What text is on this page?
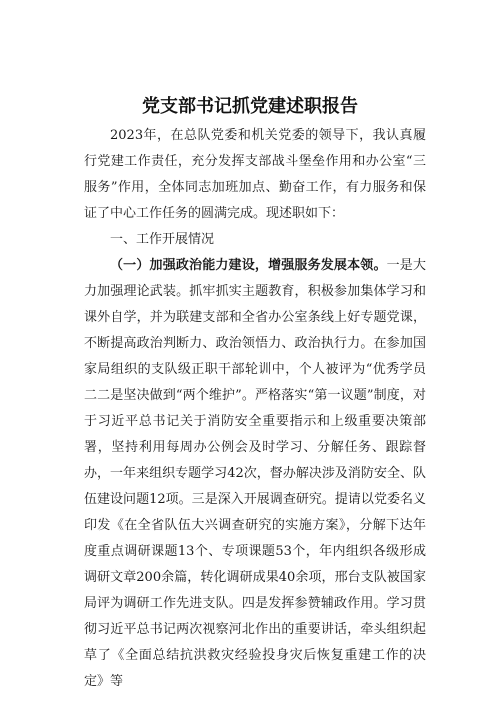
党支部书记抓党建述职报告

2023年，在总队党委和机关党委的领导下，我认真履行党建工作责任，充分发挥支部战斗堡垒作用和办公室“三服务”作用，全体同志加班加点、勤奋工作，有力服务和保证了中心工作任务的圆满完成。现述职如下：

一、工作开展情况

（一）加强政治能力建设，增强服务发展本领。一是大力加强理论武装。抓牢抓实主题教育，积极参加集体学习和课外自学，并为联建支部和全省办公室条线上好专题党课，不断提高政治判断力、政治领悟力、政治执行力。在参加国家局组织的支队级正职干部轮训中，个人被评为“优秀学员二二是坚决做到“两个维护”。严格落实“第一议题”制度，对于习近平总书记关于消防安全重要指示和上级重要决策部署，坚持利用每周办公例会及时学习、分解任务、跟踪督办，一年来组织专题学习42次，督办解决涉及消防安全、队伍建设问题12项。三是深入开展调查研究。提请以党委名义印发《在全省队伍大兴调查研究的实施方案》，分解下达年度重点调研课题13个、专项课题53个，年内组织各级形成调研文章200余篇，转化调研成果40余项，邢台支队被国家局评为调研工作先进支队。四是发挥参赞辅政作用。学习贯彻习近平总书记两次视察河北作出的重要讲话，牵头组织起草了《全面总结抗洪救灾经验投身灾后恢复重建工作的决定》等
